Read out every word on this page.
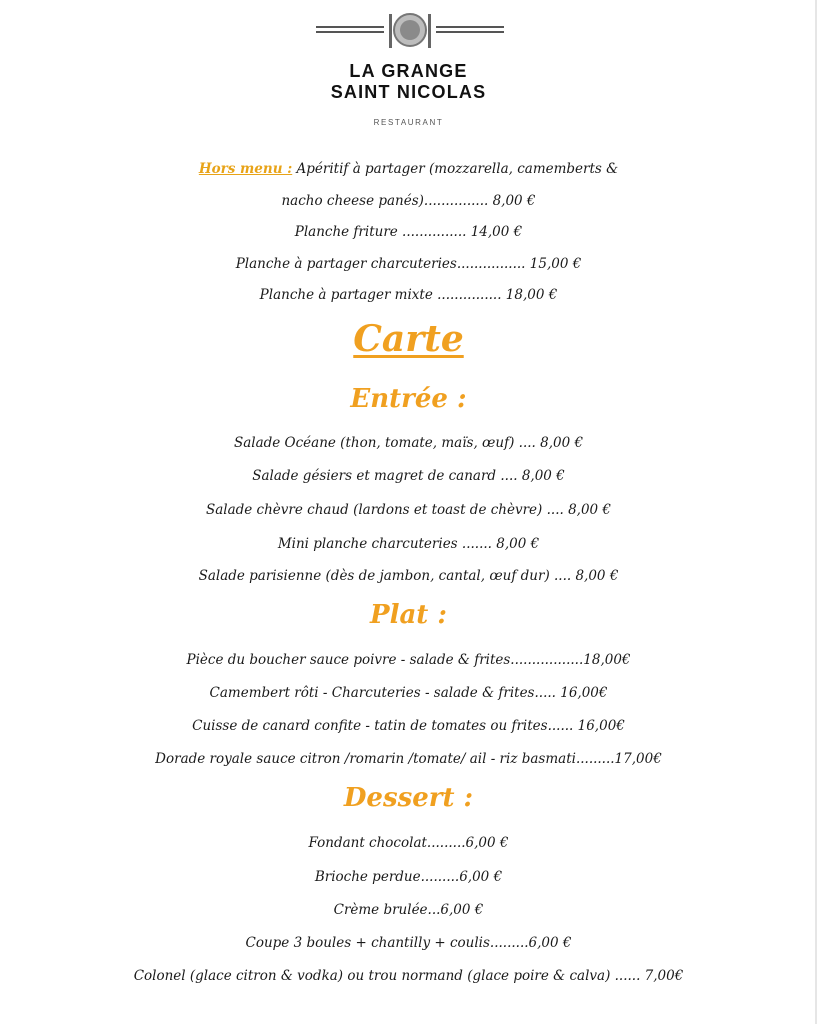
LA GRANGE
SAINT NICOLAS
RESTAURANT
Hors menu : Apéritif à partager (mozzarella, camemberts &
nacho cheese panés)............... 8,00 €
Planche friture ............... 14,00 €
Planche à partager charcuteries................ 15,00 €
Planche à partager mixte ............... 18,00 €
Carte
Entrée :
Salade Océane (thon, tomate, maïs, œuf) .... 8,00 €
Salade gésiers et magret de canard .... 8,00 €
Salade chèvre chaud (lardons et toast de chèvre) .... 8,00 €
Mini planche charcuteries ....... 8,00 €
Salade parisienne (dès de jambon, cantal, œuf dur) .... 8,00 €
Plat :
Pièce du boucher sauce poivre - salade & frites.................18,00€
Camembert rôti - Charcuteries - salade & frites..... 16,00€
Cuisse de canard confite - tatin de tomates ou frites...... 16,00€
Dorade royale sauce citron /romarin /tomate/ ail - riz basmati.........17,00€
Dessert :
Fondant chocolat.........6,00 €
Brioche perdue.........6,00 €
Crème brulée...6,00 €
Coupe 3 boules + chantilly + coulis.........6,00 €
Colonel (glace citron & vodka) ou trou normand (glace poire & calva) ...... 7,00€
